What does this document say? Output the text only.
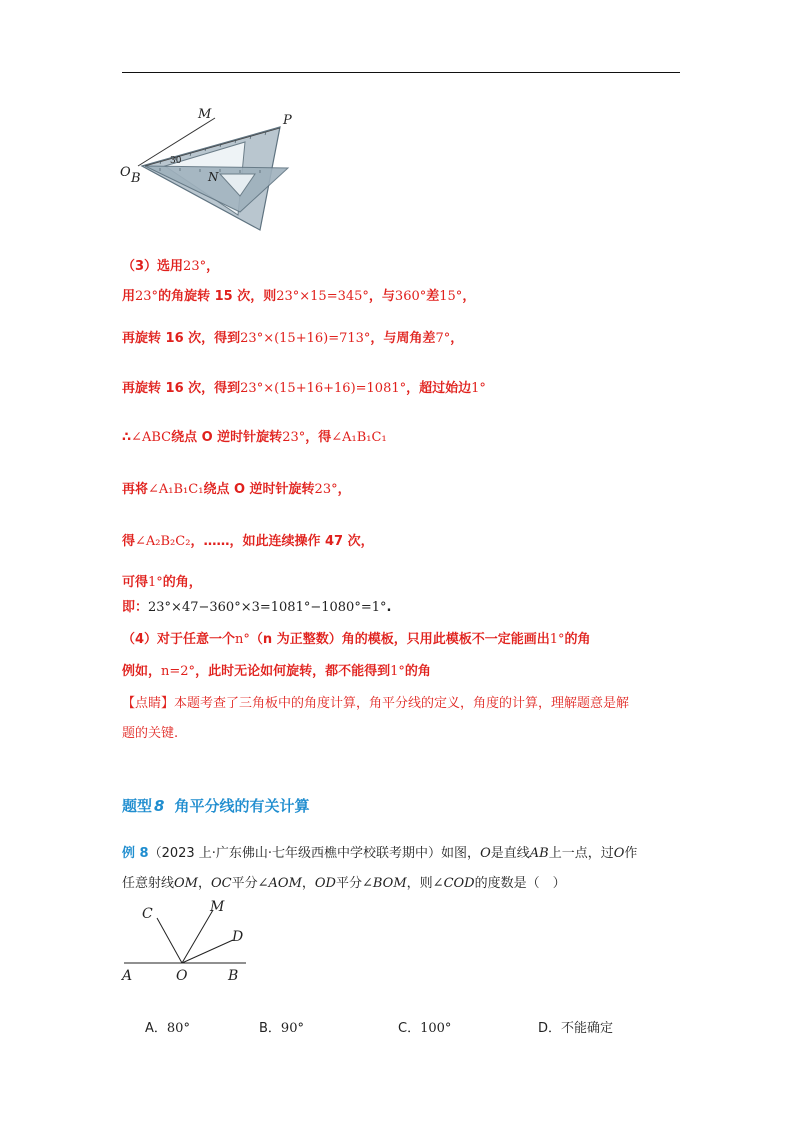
M	P
O B	N
30
（3）选用23°，
用23°的角旋转 15 次，则23°×15=345°，与360°差15°，
再旋转 16 次，得到23°×(15+16)=713°，与周角差7°，
再旋转 16 次，得到23°×(15+16+16)=1081°，超过始边1°
∴∠ABC绕点 O 逆时针旋转23°，得∠A₁B₁C₁
再将∠A₁B₁C₁绕点 O 逆时针旋转23°，
得∠A₂B₂C₂，……，如此连续操作 47 次，
可得1°的角，
即：23°×47−360°×3=1081°−1080°=1°.
（4）对于任意一个n°（n 为正整数）角的模板，只用此模板不一定能画出1°的角
例如，n=2°，此时无论如何旋转，都不能得到1°的角
【点睛】本题考查了三角板中的角度计算，角平分线的定义，角度的计算，理解题意是解
题的关键.
题型 8 角平分线的有关计算
例 8（2023 上·广东佛山·七年级西樵中学校联考期中）如图，O是直线AB上一点，过O作
任意射线OM，OC平分∠AOM，OD平分∠BOM，则∠COD的度数是（　）
C	M
D
A	O	B
A．80°	B．90°	C．100°	D．不能确定
